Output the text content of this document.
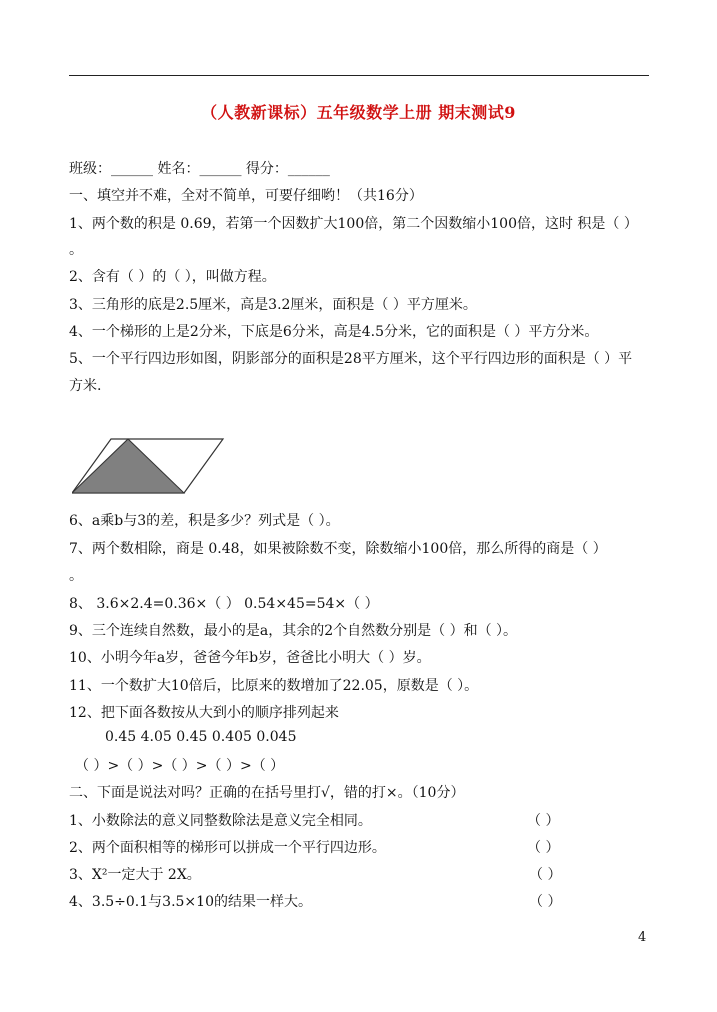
（人教新课标）五年级数学上册 期末测试9
班级：______ 姓名：______ 得分：______
一、填空并不难，全对不简单，可要仔细哟！（共16分）
1、两个数的积是 0.69，若第一个因数扩大100倍，第二个因数缩小100倍，这时 积是（ ）
。
2、含有（ ）的（ ），叫做方程。
3、三角形的底是2.5厘米，高是3.2厘米，面积是（ ）平方厘米。
4、一个梯形的上是2分米，下底是6分米，高是4.5分米，它的面积是（ ）平方分米。
5、一个平行四边形如图，阴影部分的面积是28平方厘米，这个平行四边形的面积是（ ）平
方米.
6、a乘b与3的差，积是多少？列式是（ ）。
7、两个数相除，商是 0.48，如果被除数不变，除数缩小100倍，那么所得的商是（ ）
。
8、 3.6×2.4=0.36×（ ） 0.54×45=54×（ ）
9、三个连续自然数，最小的是a，其余的2个自然数分别是（ ）和（ ）。
10、小明今年a岁，爸爸今年b岁，爸爸比小明大（ ）岁。
11、一个数扩大10倍后，比原来的数增加了22.05，原数是（ ）。
12、把下面各数按从大到小的顺序排列起来
0.45 4.05 0.45 0.405 0.045
（ ）>（ ）>（ ）>（ ）>（ ）
二、下面是说法对吗？正确的在括号里打√，错的打×。（10分）
1、小数除法的意义同整数除法是意义完全相同。	（ ）
2、两个面积相等的梯形可以拼成一个平行四边形。	（ ）
3、X²一定大于 2X。	（ ）
4、3.5÷0.1与3.5×10的结果一样大。	（ ）
4
